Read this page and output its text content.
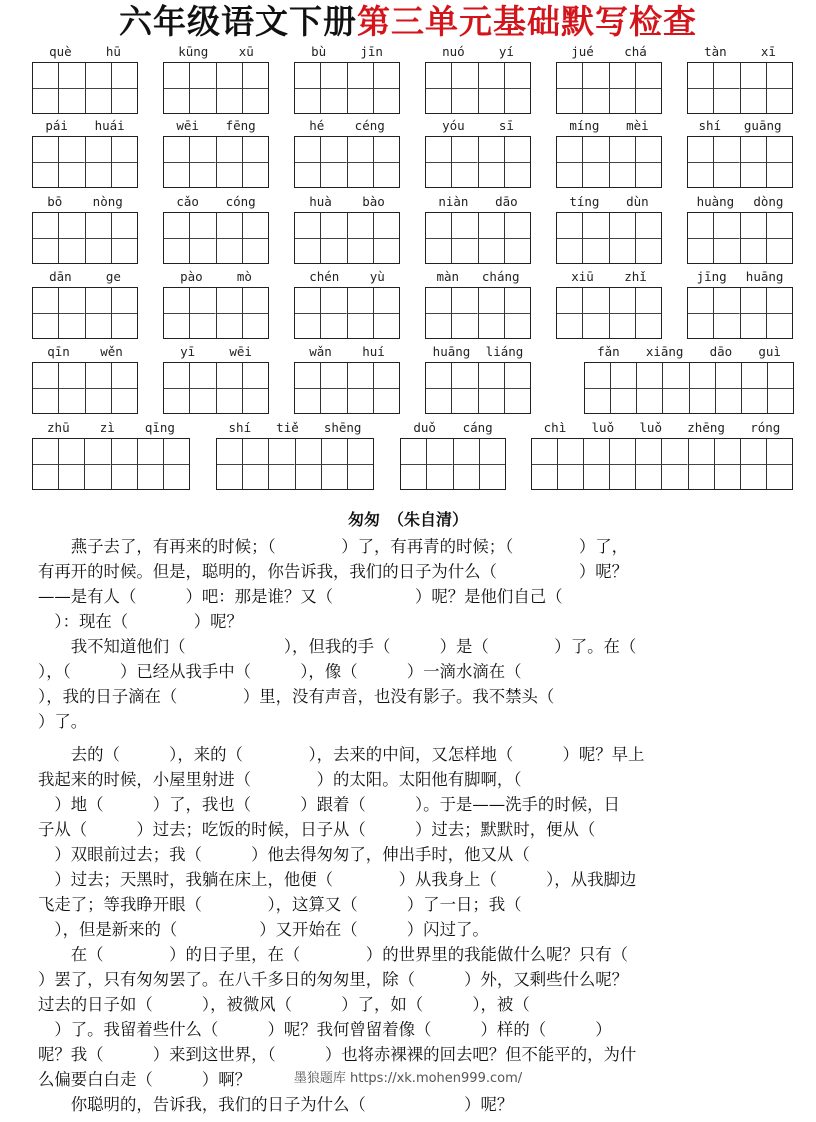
六年级语文下册第三单元基础默写检查
què	hū	kūng xū	bù	jīn	nuó	yí	jué chá	tàn	xī
pái huái	wēi fēng	hé céng	yóu	sī	míng mèi	shí guāng
bō nòng	cǎo cóng	huà bào	niàn dāo	tíng dùn	huàng dòng
dān	ge	pào	mò	chén yù	màn cháng	xiū zhǐ	jīng huāng
qīn wěn	yī	wēi	wǎn huí	huāng liáng	fǎn xiāng dāo guì
zhū zì qīng	shí tiě shēng	duǒ cáng	chì luǒ luǒ zhēng róng
匆匆　（朱自清）
　　燕子去了，有再来的时候；（　　　　）了，有再青的时候；（　　　　）了，
有再开的时候。但是，聪明的，你告诉我，我们的日子为什么（　　　　　）呢？
——是有人（　　　）吧：那是谁？又（　　　　　）呢？是他们自己（
　）：现在（　　　　）呢？
　　我不知道他们（　　　　　　），但我的手（　　　）是（　　　　）了。在（
），（　　　）已经从我手中（　　　），像（　　　）一滴水滴在（
），我的日子滴在（　　　　）里，没有声音，也没有影子。我不禁头（
）了。
　　去的（　　　），来的（　　　　），去来的中间，又怎样地（　　　）呢？早上
我起来的时候，小屋里射进（　　　　）的太阳。太阳他有脚啊，（
　）地（　　　）了，我也（　　　）跟着（　　　）。于是——洗手的时候，日
子从（　　　）过去；吃饭的时候，日子从（　　　）过去；默默时，便从（
　）双眼前过去；我（　　　）他去得匆匆了，伸出手时，他又从（
　）过去；天黑时，我躺在床上，他便（　　　　）从我身上（　　　），从我脚边
飞走了；等我睁开眼（　　　　），这算又（　　　）了一日；我（
　），但是新来的（　　　　　）又开始在（　　　）闪过了。
　　在（　　　　）的日子里，在（　　　　）的世界里的我能做什么呢？只有（
）罢了，只有匆匆罢了。在八千多日的匆匆里，除（　　　）外，又剩些什么呢？
过去的日子如（　　　），被微风（　　　）了，如（　　　），被（
　）了。我留着些什么（　　　）呢？我何曾留着像（　　　）样的（　　　）
呢？我（　　　）来到这世界，（　　　）也将赤裸裸的回去吧？但不能平的，为什
么偏要白白走（　　　）啊？
　　你聪明的，告诉我，我们的日子为什么（　　　　　　）呢？
墨狼题库 https://xk.mohen999.com/
